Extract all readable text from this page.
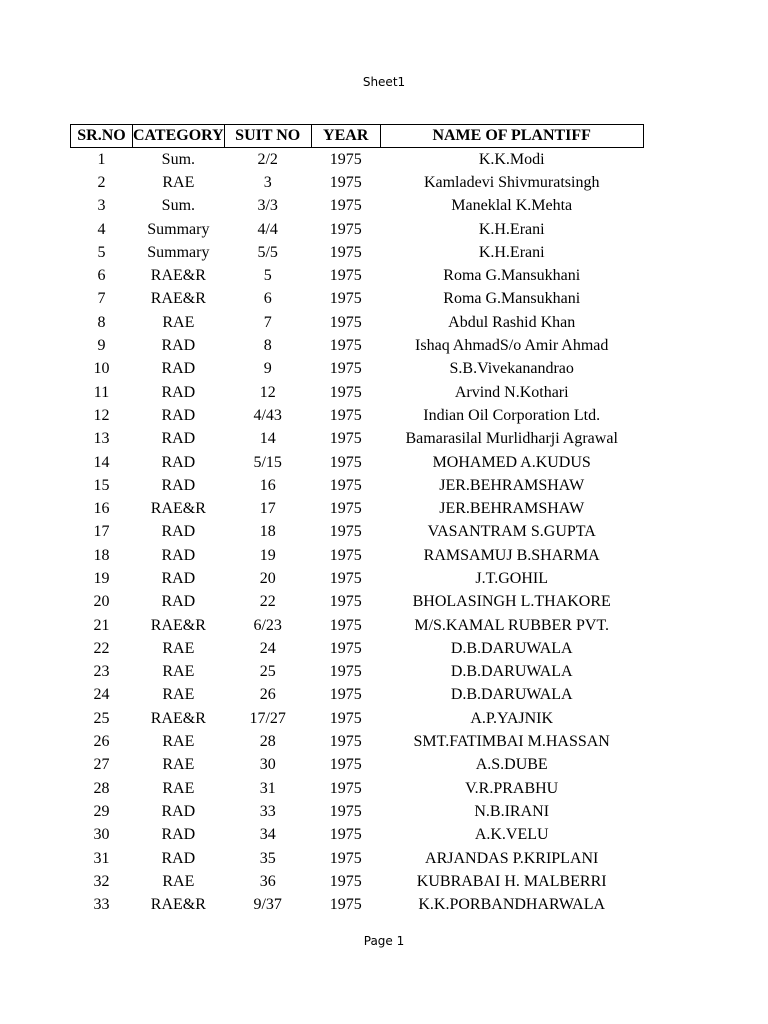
Sheet1
SR.NO	CATEGORY	SUIT NO	YEAR	NAME OF PLANTIFF
1	Sum.	2/2	1975	K.K.Modi
2	RAE	3	1975	Kamladevi Shivmuratsingh
3	Sum.	3/3	1975	Maneklal K.Mehta
4	Summary	4/4	1975	K.H.Erani
5	Summary	5/5	1975	K.H.Erani
6	RAE&R	5	1975	Roma G.Mansukhani
7	RAE&R	6	1975	Roma G.Mansukhani
8	RAE	7	1975	Abdul Rashid Khan
9	RAD	8	1975	Ishaq AhmadS/o Amir Ahmad
10	RAD	9	1975	S.B.Vivekanandrao
11	RAD	12	1975	Arvind N.Kothari
12	RAD	4/43	1975	Indian Oil Corporation Ltd.
13	RAD	14	1975	Bamarasilal Murlidharji Agrawal
14	RAD	5/15	1975	MOHAMED A.KUDUS
15	RAD	16	1975	JER.BEHRAMSHAW
16	RAE&R	17	1975	JER.BEHRAMSHAW
17	RAD	18	1975	VASANTRAM S.GUPTA
18	RAD	19	1975	RAMSAMUJ B.SHARMA
19	RAD	20	1975	J.T.GOHIL
20	RAD	22	1975	BHOLASINGH L.THAKORE
21	RAE&R	6/23	1975	M/S.KAMAL RUBBER PVT.
22	RAE	24	1975	D.B.DARUWALA
23	RAE	25	1975	D.B.DARUWALA
24	RAE	26	1975	D.B.DARUWALA
25	RAE&R	17/27	1975	A.P.YAJNIK
26	RAE	28	1975	SMT.FATIMBAI M.HASSAN
27	RAE	30	1975	A.S.DUBE
28	RAE	31	1975	V.R.PRABHU
29	RAD	33	1975	N.B.IRANI
30	RAD	34	1975	A.K.VELU
31	RAD	35	1975	ARJANDAS P.KRIPLANI
32	RAE	36	1975	KUBRABAI H. MALBERRI
33	RAE&R	9/37	1975	K.K.PORBANDHARWALA
Page 1
